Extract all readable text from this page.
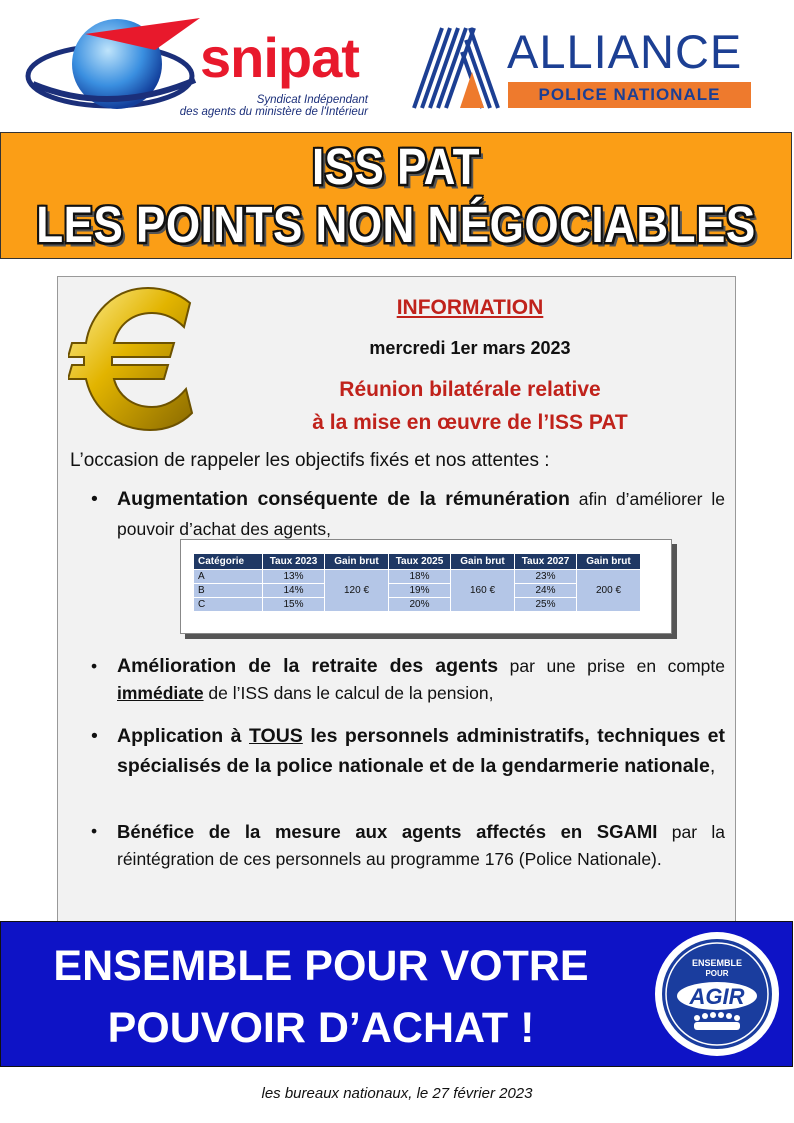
snipat
Syndicat Indépendant
des agents du ministère de l'Intérieur
ALLIANCE
POLICE NATIONALE
ISS PAT
LES POINTS NON NÉGOCIABLES
INFORMATION
mercredi 1er mars 2023
Réunion bilatérale relative
à la mise en œuvre de l’ISS PAT
L’occasion de rappeler les objectifs fixés et nos attentes :
• Augmentation conséquente de la rémunération afin d’améliorer le pouvoir d’achat des agents,
Catégorie	Taux 2023	Gain brut	Taux 2025	Gain brut	Taux 2027	Gain brut
A	13%	120 €	18%	160 €	23%	200 €
B	14%		19%		24%	
C	15%		20%		25%	
• Amélioration de la retraite des agents par une prise en compte immédiate de l’ISS dans le calcul de la pension,
• Application à TOUS les personnels administratifs, techniques et spécialisés de la police nationale et de la gendarmerie nationale,
• Bénéfice de la mesure aux agents affectés en SGAMI par la réintégration de ces personnels au programme 176 (Police Nationale).
ENSEMBLE POUR VOTRE
POUVOIR D’ACHAT !
ENSEMBLE
POUR
AGIR
les bureaux nationaux, le 27 février 2023
